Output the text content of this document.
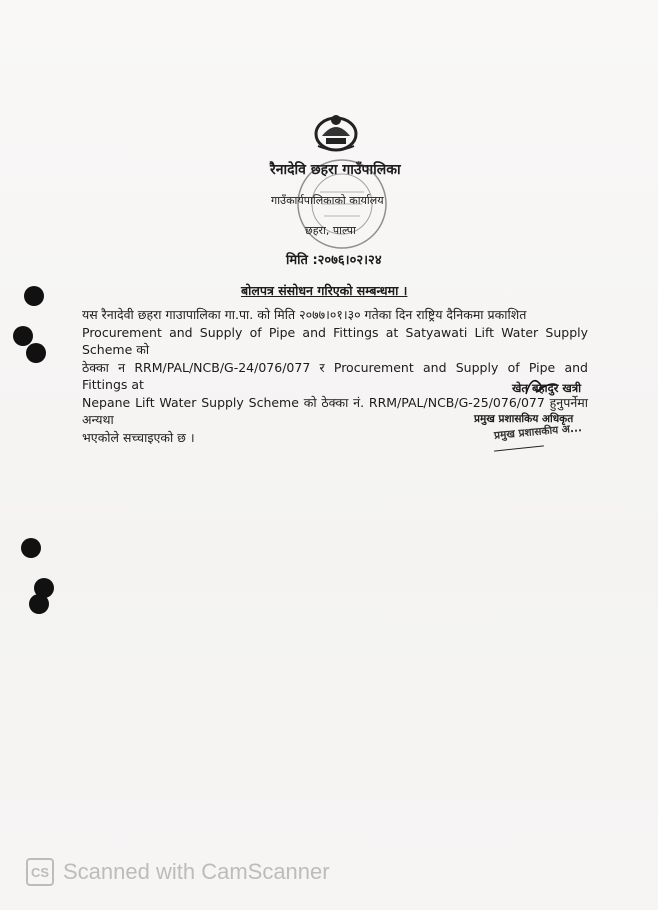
रैनादेवि छहरा गाउँपालिका
गाउँकार्यपालिकाको कार्यालय
छहरा, पाल्पा
मिति :२०७६।०२।२४
बोलपत्र संसोधन गरिएको सम्बन्धमा ।
यस रैनादेवी छहरा गाउापालिका गा.पा. को मिति २०७७।०१।३० गतेका दिन राष्ट्रिय दैनिकमा प्रकाशित
Procurement and Supply of Pipe and Fittings at Satyawati Lift Water Supply Scheme को
ठेक्का न RRM/PAL/NCB/G-24/076/077 र Procurement and Supply of Pipe and Fittings at
Nepane Lift Water Supply Scheme को ठेक्का नं. RRM/PAL/NCB/G-25/076/077 हुनुपर्नेमा अन्यथा
भएकोले सच्चाइएको छ ।
खेत बहादुर खत्री
प्रमुख प्रशासकिय अधिकृत
प्रमुख प्रशासकीय अ...
CS Scanned with CamScanner
